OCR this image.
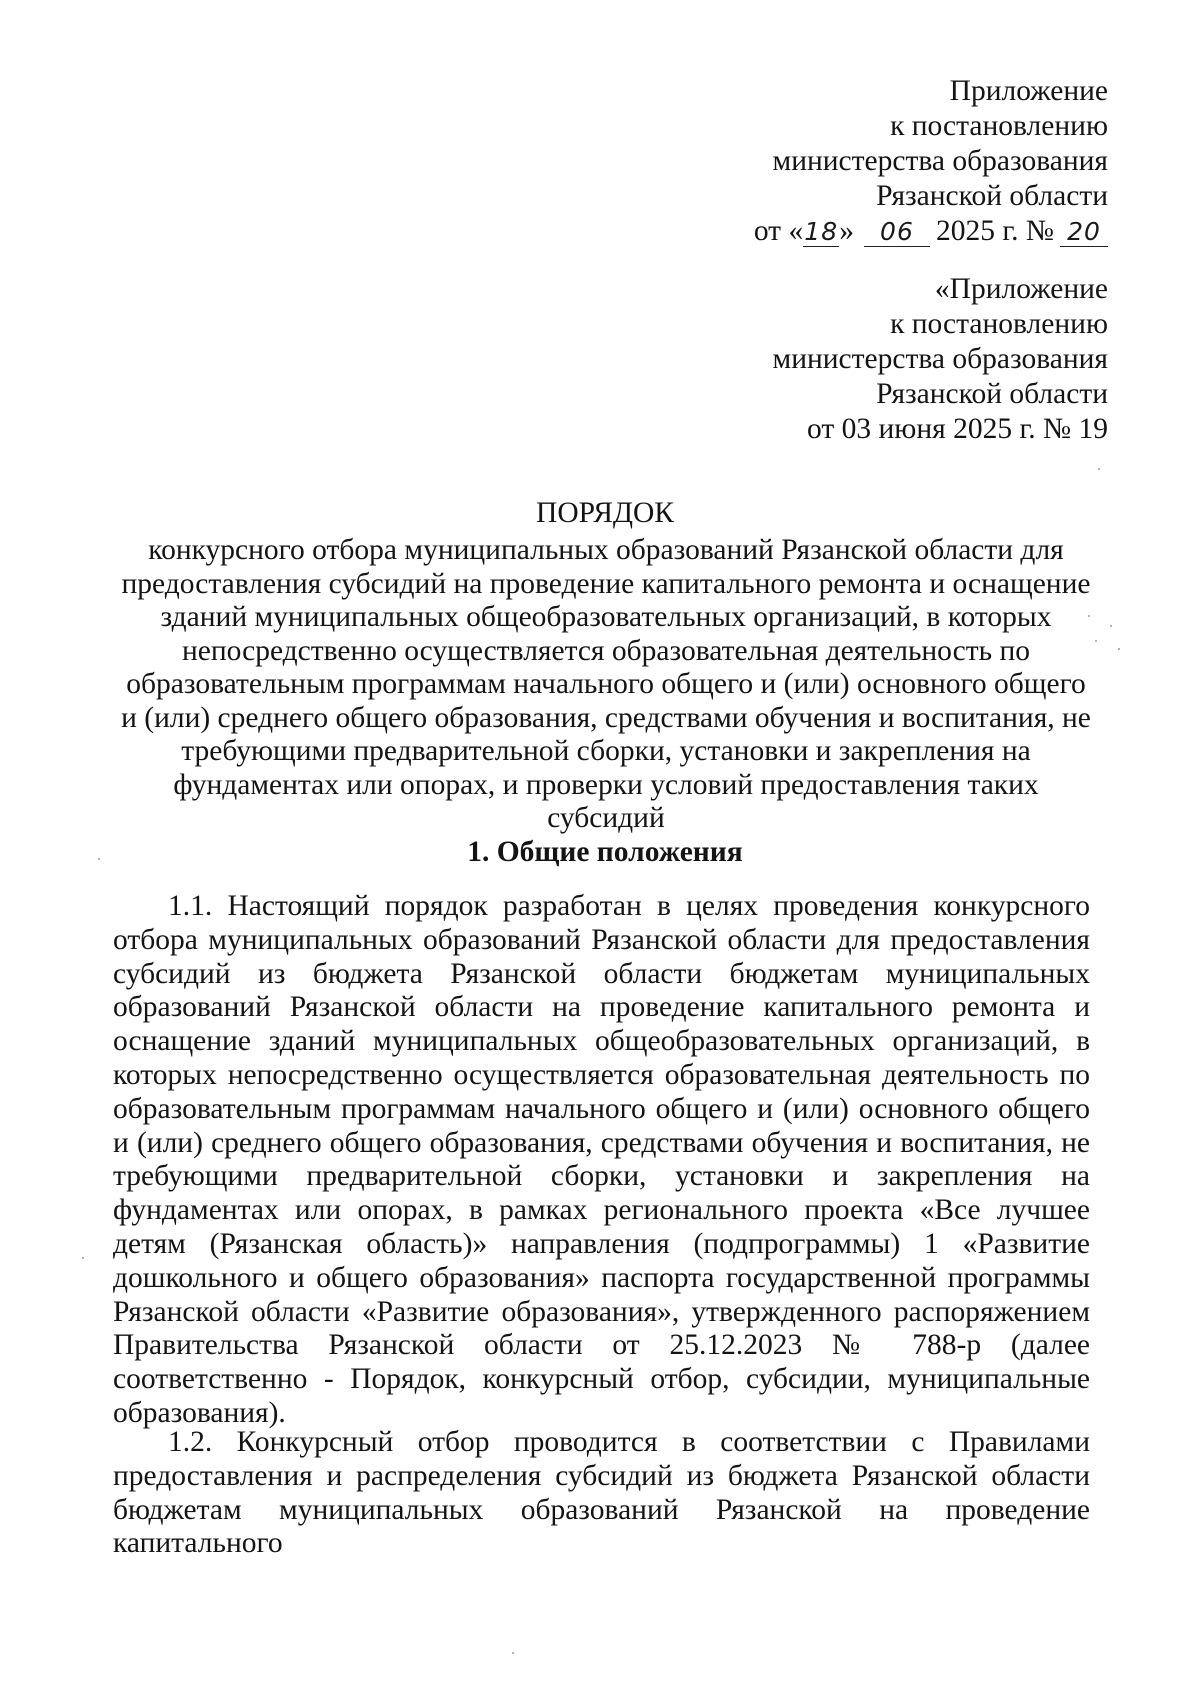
Приложение
к постановлению
министерства образования
Рязанской области
от «18» 06 2025 г. № 20
«Приложение
к постановлению
министерства образования
Рязанской области
от 03 июня 2025 г. № 19
ПОРЯДОК
конкурсного отбора муниципальных образований Рязанской области для предоставления субсидий на проведение капитального ремонта и оснащение зданий муниципальных общеобразовательных организаций, в которых непосредственно осуществляется образовательная деятельность по образовательным программам начального общего и (или) основного общего и (или) среднего общего образования, средствами обучения и воспитания, не требующими предварительной сборки, установки и закрепления на фундаментах или опорах, и проверки условий предоставления таких субсидий
1. Общие положения
1.1. Настоящий порядок разработан в целях проведения конкурсного отбора муниципальных образований Рязанской области для предоставления субсидий из бюджета Рязанской области бюджетам муниципальных образований Рязанской области на проведение капитального ремонта и оснащение зданий муниципальных общеобразовательных организаций, в которых непосредственно осуществляется образовательная деятельность по образовательным программам начального общего и (или) основного общего и (или) среднего общего образования, средствами обучения и воспитания, не требующими предварительной сборки, установки и закрепления на фундаментах или опорах, в рамках регионального проекта «Все лучшее детям (Рязанская область)» направления (подпрограммы) 1 «Развитие дошкольного и общего образования» паспорта государственной программы Рязанской области «Развитие образования», утвержденного распоряжением Правительства Рязанской области от 25.12.2023 № 788-р (далее соответственно - Порядок, конкурсный отбор, субсидии, муниципальные образования).
1.2. Конкурсный отбор проводится в соответствии с Правилами предоставления и распределения субсидий из бюджета Рязанской области бюджетам муниципальных образований Рязанской на проведение капитального
